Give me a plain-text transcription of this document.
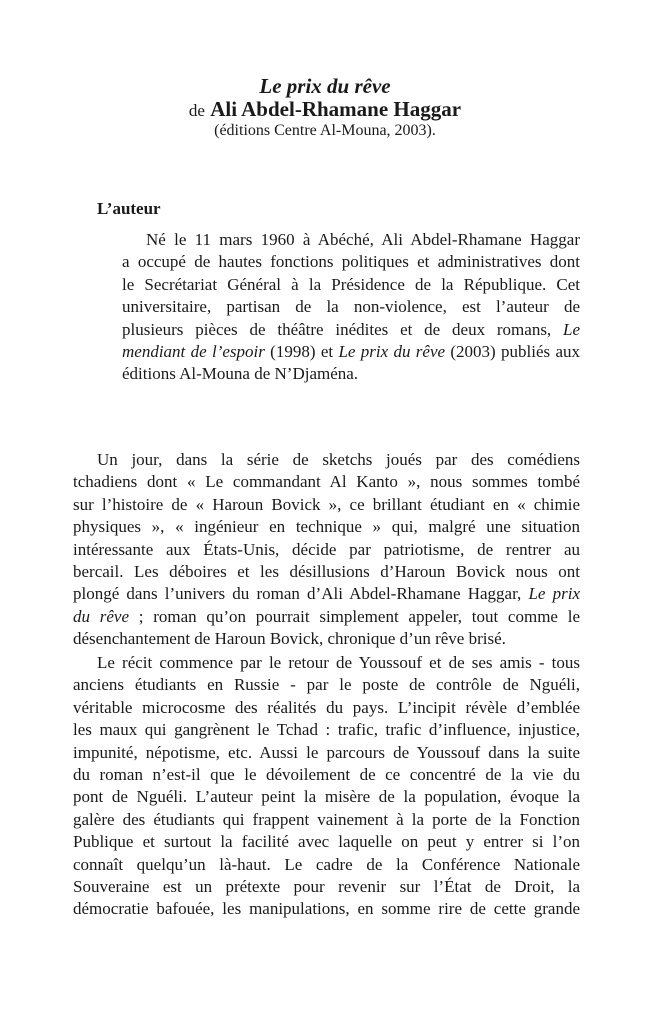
Le prix du rêve
de Ali Abdel-Rhamane Haggar
(éditions Centre Al-Mouna, 2003).
L’auteur
Né le 11 mars 1960 à Abéché, Ali Abdel-Rhamane Haggar
a occupé de hautes fonctions politiques et administratives dont
le Secrétariat Général à la Présidence de la République. Cet
universitaire, partisan de la non-violence, est l’auteur de
plusieurs pièces de théâtre inédites et de deux romans, Le
mendiant de l’espoir (1998) et Le prix du rêve (2003) publiés aux
éditions Al-Mouna de N’Djaména.
Un jour, dans la série de sketchs joués par des comédiens
tchadiens dont « Le commandant Al Kanto », nous sommes tombé
sur l’histoire de « Haroun Bovick », ce brillant étudiant en « chimie
physiques », « ingénieur en technique » qui, malgré une situation
intéressante aux États-Unis, décide par patriotisme, de rentrer au
bercail. Les déboires et les désillusions d’Haroun Bovick nous ont
plongé dans l’univers du roman d’Ali Abdel-Rhamane Haggar, Le prix
du rêve ; roman qu’on pourrait simplement appeler, tout comme le
désenchantement de Haroun Bovick, chronique d’un rêve brisé.
Le récit commence par le retour de Youssouf et de ses amis - tous
anciens étudiants en Russie - par le poste de contrôle de Nguéli,
véritable microcosme des réalités du pays. L’incipit révèle d’emblée
les maux qui gangrènent le Tchad : trafic, trafic d’influence, injustice,
impunité, népotisme, etc. Aussi le parcours de Youssouf dans la suite
du roman n’est-il que le dévoilement de ce concentré de la vie du
pont de Nguéli. L’auteur peint la misère de la population, évoque la
galère des étudiants qui frappent vainement à la porte de la Fonction
Publique et surtout la facilité avec laquelle on peut y entrer si l’on
connaît quelqu’un là-haut. Le cadre de la Conférence Nationale
Souveraine est un prétexte pour revenir sur l’État de Droit, la
démocratie bafouée, les manipulations, en somme rire de cette grande
